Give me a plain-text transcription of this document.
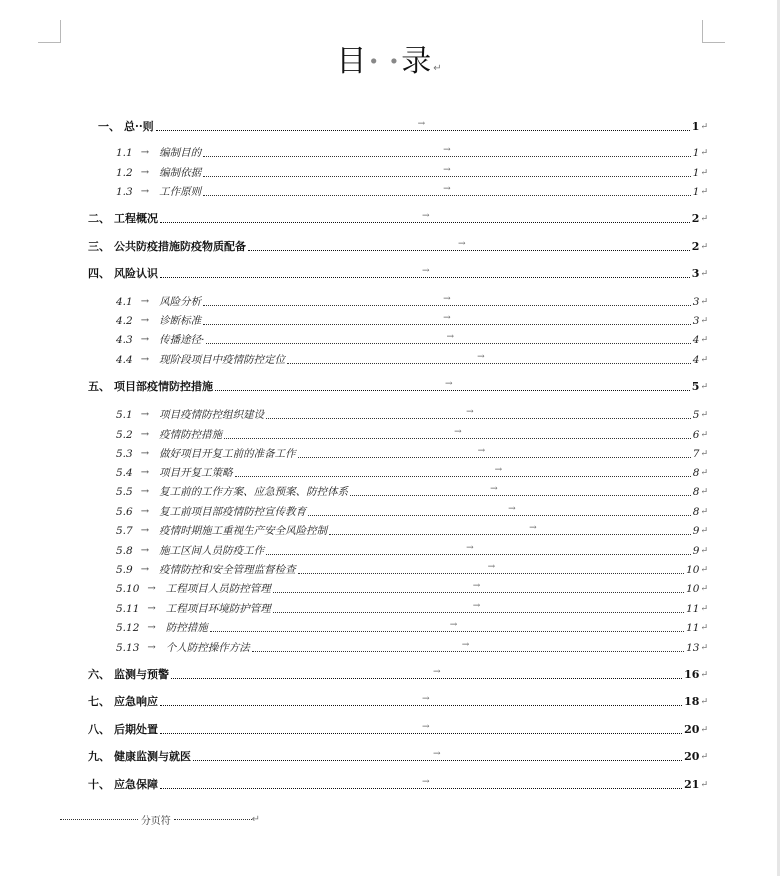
目• •录↵
一、 总··则	→	1 ↵
1.1 → 编制目的	→	1 ↵
1.2 → 编制依据	→	1 ↵
1.3 → 工作原则	→	1 ↵
二、 工程概况	→	2 ↵
三、 公共防疫措施防疫物质配备	→	2 ↵
四、 风险认识	→	3 ↵
4.1 → 风险分析	→	3 ↵
4.2 → 诊断标准	→	3 ↵
4.3 → 传播途径·	→	4 ↵
4.4 → 现阶段项目中疫情防控定位	→	4 ↵
五、 项目部疫情防控措施	→	5 ↵
5.1 → 项目疫情防控组织建设	→	5 ↵
5.2 → 疫情防控措施	→	6 ↵
5.3 → 做好项目开复工前的准备工作	→	7 ↵
5.4 → 项目开复工策略	→	8 ↵
5.5 → 复工前的工作方案、应急预案、防控体系	→	8 ↵
5.6 → 复工前项目部疫情防控宣传教育	→	8 ↵
5.7 → 疫情时期施工重视生产安全风险控制	→	9 ↵
5.8 → 施工区间人员防疫工作	→	9 ↵
5.9 → 疫情防控和安全管理监督检查	→	10 ↵
5.10 → 工程项目人员防控管理	→	10 ↵
5.11 → 工程项目环境防护管理	→	11 ↵
5.12 → 防控措施	→	11 ↵
5.13 → 个人防控操作方法	→	13 ↵
六、 监测与预警	→	16 ↵
七、 应急响应	→	18 ↵
八、 后期处置	→	20 ↵
九、 健康监测与就医	→	20 ↵
十、 应急保障	→	21 ↵
分页符	↵
